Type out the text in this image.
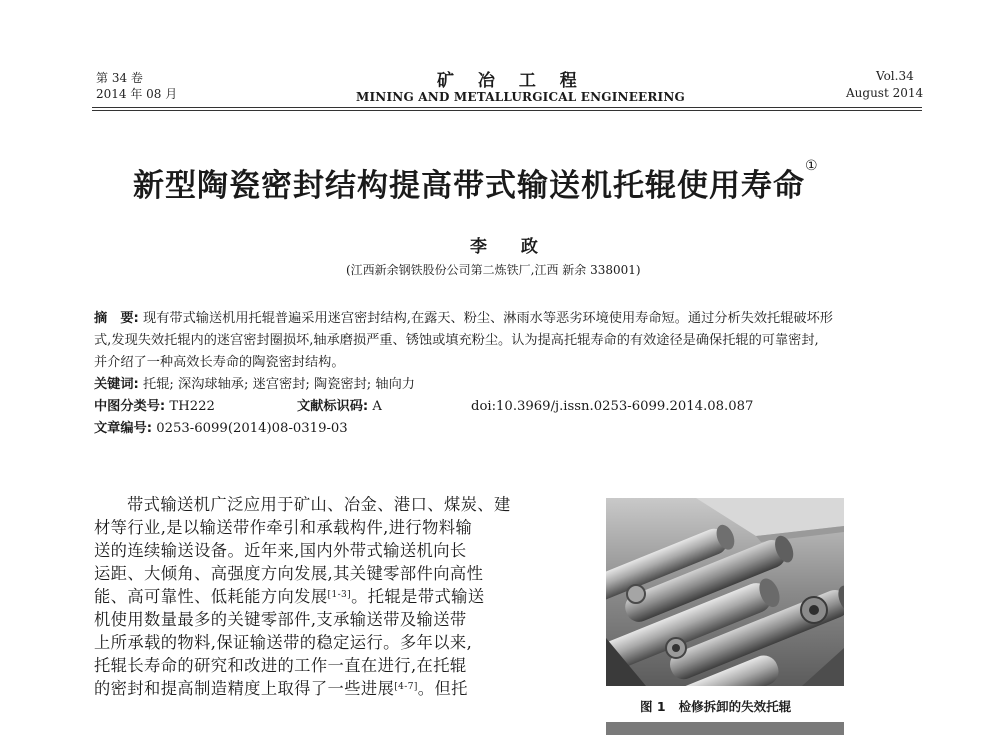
第 34 卷
2014 年 08 月
矿 冶 工 程
MINING AND METALLURGICAL ENGINEERING
Vol.34
August 2014
新型陶瓷密封结构提高带式输送机托辊使用寿命①
李 政
(江西新余钢铁股份公司第二炼铁厂,江西 新余 338001)
摘　要: 现有带式输送机用托辊普遍采用迷宫密封结构,在露天、粉尘、淋雨水等恶劣环境使用寿命短。通过分析失效托辊破坏形
式,发现失效托辊内的迷宫密封圈损坏,轴承磨损严重、锈蚀或填充粉尘。认为提高托辊寿命的有效途径是确保托辊的可靠密封,
并介绍了一种高效长寿命的陶瓷密封结构。
关键词: 托辊; 深沟球轴承; 迷宫密封; 陶瓷密封; 轴向力
中图分类号: TH222	文献标识码: A	doi:10.3969/j.issn.0253-6099.2014.08.087
文章编号: 0253-6099(2014)08-0319-03
带式输送机广泛应用于矿山、冶金、港口、煤炭、建
材等行业,是以输送带作牵引和承载构件,进行物料输
送的连续输送设备。近年来,国内外带式输送机向长
运距、大倾角、高强度方向发展,其关键零部件向高性
能、高可靠性、低耗能方向发展[1-3]。托辊是带式输送
机使用数量最多的关键零部件,支承输送带及输送带
上所承载的物料,保证输送带的稳定运行。多年以来,
托辊长寿命的研究和改进的工作一直在进行,在托辊
的密封和提高制造精度上取得了一些进展[4-7]。但托
图 1 检修拆卸的失效托辊
